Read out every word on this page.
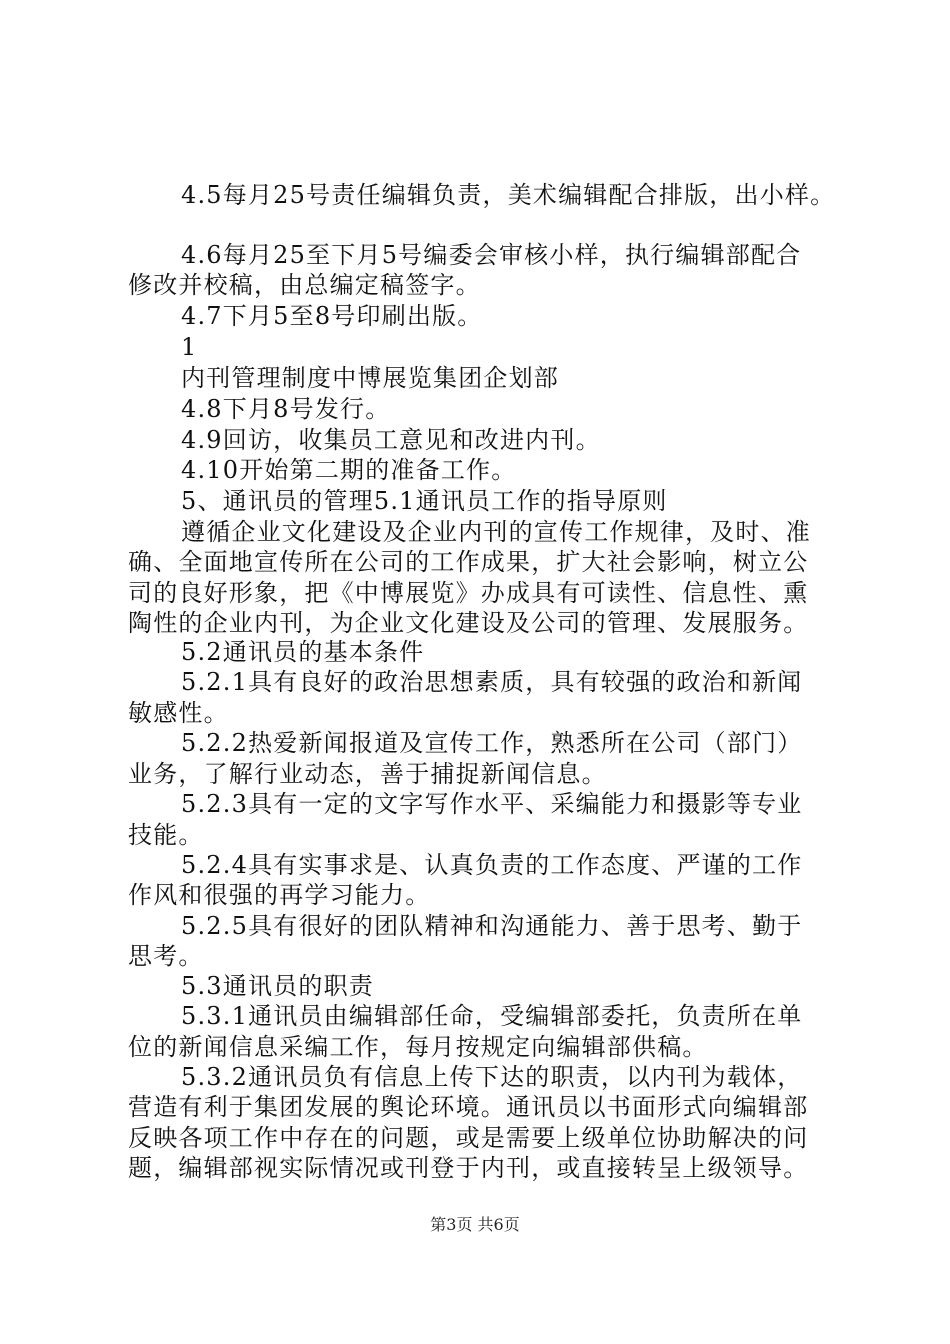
4.5每月25号责任编辑负责，美术编辑配合排版，出小样。
4.6每月25至下月5号编委会审核小样，执行编辑部配合
修改并校稿，由总编定稿签字。
4.7下月5至8号印刷出版。
1
内刊管理制度中博展览集团企划部
4.8下月8号发行。
4.9回访，收集员工意见和改进内刊。
4.10开始第二期的准备工作。
5、通讯员的管理5.1通讯员工作的指导原则
遵循企业文化建设及企业内刊的宣传工作规律，及时、准
确、全面地宣传所在公司的工作成果，扩大社会影响，树立公
司的良好形象，把《中博展览》办成具有可读性、信息性、熏
陶性的企业内刊，为企业文化建设及公司的管理、发展服务。
5.2通讯员的基本条件
5.2.1具有良好的政治思想素质，具有较强的政治和新闻
敏感性。
5.2.2热爱新闻报道及宣传工作，熟悉所在公司（部门）
业务，了解行业动态，善于捕捉新闻信息。
5.2.3具有一定的文字写作水平、采编能力和摄影等专业
技能。
5.2.4具有实事求是、认真负责的工作态度、严谨的工作
作风和很强的再学习能力。
5.2.5具有很好的团队精神和沟通能力、善于思考、勤于
思考。
5.3通讯员的职责
5.3.1通讯员由编辑部任命，受编辑部委托，负责所在单
位的新闻信息采编工作，每月按规定向编辑部供稿。
5.3.2通讯员负有信息上传下达的职责，以内刊为载体，
营造有利于集团发展的舆论环境。通讯员以书面形式向编辑部
反映各项工作中存在的问题，或是需要上级单位协助解决的问
题，编辑部视实际情况或刊登于内刊，或直接转呈上级领导。
第3页 共6页
